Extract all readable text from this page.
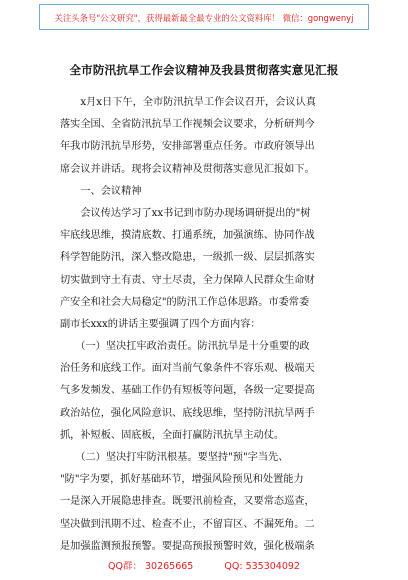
关注头条号"公文研究"，获得最新最全最专业的公文资料库！ 微信：gongwenyj
全市防汛抗旱工作会议精神及我县贯彻落实意见汇报
　　x月x日下午，全市防汛抗旱工作会议召开，会议认真
落实全国、全省防汛抗旱工作视频会议要求，分析研判今
年我市防汛抗旱形势，安排部署重点任务。市政府领导出
席会议并讲话。现将会议精神及贯彻落实意见汇报如下。
　　一、会议精神
　　会议传达学习了xx书记到市防办现场调研提出的"树
牢底线思维，摸清底数、打通系统，加强演练、协同作战
科学智能防汛，深入整改隐患，一级抓一级、层层抓落实
切实做到守土有责、守土尽责，全力保障人民群众生命财
产安全和社会大局稳定"的防汛工作总体思路。市委常委
副市长xxx的讲话主要强调了四个方面内容：
　　（一）坚决扛牢政治责任。防汛抗旱是十分重要的政
治任务和底线工作。面对当前气象条件不容乐观、极端天
气多发频发、基础工作仍有短板等问题，各级一定要提高
政治站位，强化风险意识、底线思维，坚持防汛抗旱两手
抓，补短板、固底板，全面打赢防汛抗旱主动仗。
　　（二）坚决打牢防汛根基。要坚持"预"字当先、
"防"字为要，抓好基础环节，增强风险预见和处置能力
一是深入开展隐患排查。既要汛前检查，又要常态巡查，
坚决做到汛期不过、检查不止，不留盲区、不漏死角。二
是加强监测预报预警。要提高预报预警时效，强化极端条
QQ群： 30265665	QQ: 535304092
